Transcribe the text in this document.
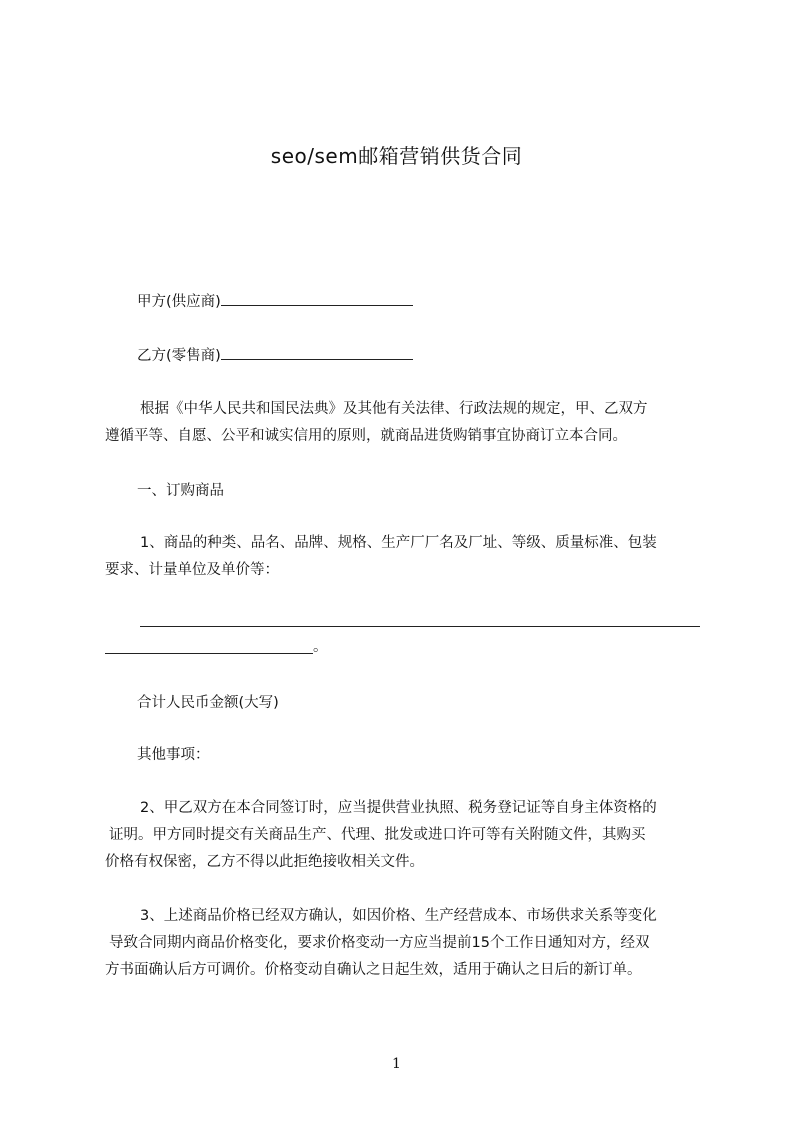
seo/sem邮箱营销供货合同
甲方(供应商)
乙方(零售商)
根据《中华人民共和国民法典》及其他有关法律、行政法规的规定，甲、乙双方
遵循平等、自愿、公平和诚实信用的原则，就商品进货购销事宜协商订立本合同。
一、订购商品
1、商品的种类、品名、品牌、规格、生产厂厂名及厂址、等级、质量标准、包装
要求、计量单位及单价等：
。
合计人民币金额(大写)
其他事项：
2、甲乙双方在本合同签订时，应当提供营业执照、税务登记证等自身主体资格的
证明。甲方同时提交有关商品生产、代理、批发或进口许可等有关附随文件，其购买
价格有权保密，乙方不得以此拒绝接收相关文件。
3、上述商品价格已经双方确认，如因价格、生产经营成本、市场供求关系等变化
导致合同期内商品价格变化，要求价格变动一方应当提前15个工作日通知对方，经双
方书面确认后方可调价。价格变动自确认之日起生效，适用于确认之日后的新订单。
1
